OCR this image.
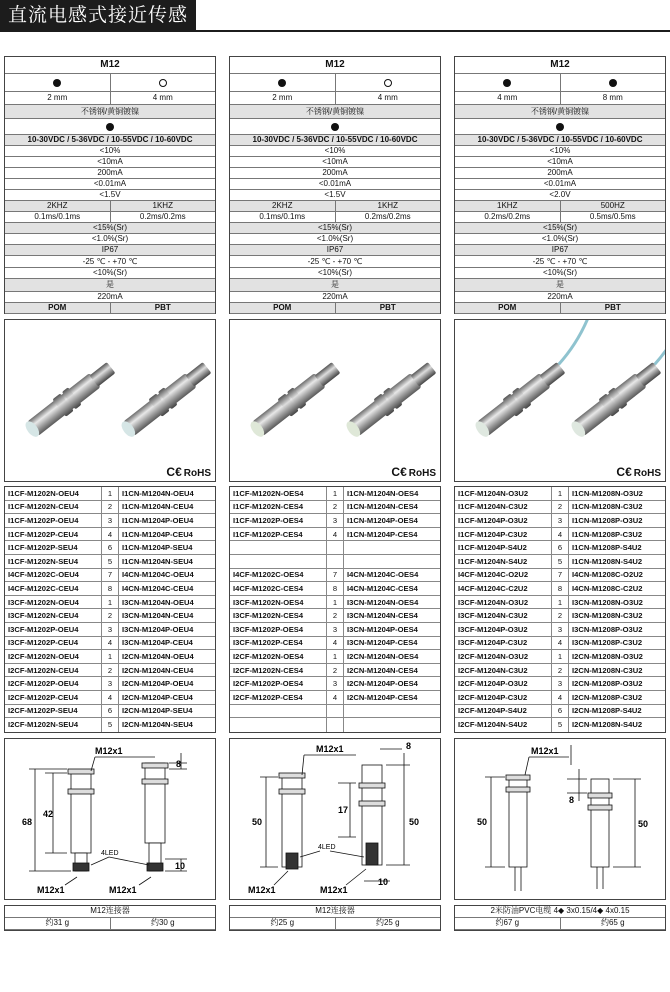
直流电感式接近传感器
M12
2 mm	4 mm
不锈钢/黄铜镀镍
10-30VDC / 5-36VDC / 10-55VDC / 10-60VDC
<10%
<10mA
200mA
<0.01mA
<1.5V
2KHZ	1KHZ
0.1ms/0.1ms	0.2ms/0.2ms
<15%(Sr)
<1.0%(Sr)
IP67
-25 ℃ - +70 ℃
<10%(Sr)
是
220mA
POM	PBT
C€ RoHS
I1CF-M1202N-OEU4	1	I1CN-M1204N-OEU4
I1CF-M1202N-CEU4	2	I1CN-M1204N-CEU4
I1CF-M1202P-OEU4	3	I1CN-M1204P-OEU4
I1CF-M1202P-CEU4	4	I1CN-M1204P-CEU4
I1CF-M1202P-SEU4	6	I1CN-M1204P-SEU4
I1CF-M1202N-SEU4	5	I1CN-M1204N-SEU4
I4CF-M1202C-OEU4	7	I4CN-M1204C-OEU4
I4CF-M1202C-CEU4	8	I4CN-M1204C-CEU4
I3CF-M1202N-OEU4	1	I3CN-M1204N-OEU4
I3CF-M1202N-CEU4	2	I3CN-M1204N-CEU4
I3CF-M1202P-OEU4	3	I3CN-M1204P-OEU4
I3CF-M1202P-CEU4	4	I3CN-M1204P-CEU4
I2CF-M1202N-OEU4	1	I2CN-M1204N-OEU4
I2CF-M1202N-CEU4	2	I2CN-M1204N-CEU4
I2CF-M1202P-OEU4	3	I2CN-M1204P-OEU4
I2CF-M1202P-CEU4	4	I2CN-M1204P-CEU4
I2CF-M1202P-SEU4	6	I2CN-M1204P-SEU4
I2CF-M1202N-SEU4	5	I2CN-M1204N-SEU4
M12x1
42
68
8
10
4LED
M12x1	M12x1
M12连接器
约31 g	约30 g
M12
2 mm	4 mm
不锈钢/黄铜镀镍
10-30VDC / 5-36VDC / 10-55VDC / 10-60VDC
<10%
<10mA
200mA
<0.01mA
<1.5V
2KHZ	1KHZ
0.1ms/0.1ms	0.2ms/0.2ms
<15%(Sr)
<1.0%(Sr)
IP67
-25 ℃ - +70 ℃
<10%(Sr)
是
220mA
POM	PBT
C€ RoHS
I1CF-M1202N-OES4	1	I1CN-M1204N-OES4
I1CF-M1202N-CES4	2	I1CN-M1204N-CES4
I1CF-M1202P-OES4	3	I1CN-M1204P-OES4
I1CF-M1202P-CES4	4	I1CN-M1204P-CES4
I4CF-M1202C-OES4	7	I4CN-M1204C-OES4
I4CF-M1202C-CES4	8	I4CN-M1204C-CES4
I3CF-M1202N-OES4	1	I3CN-M1204N-OES4
I3CF-M1202N-CES4	2	I3CN-M1204N-CES4
I3CF-M1202P-OES4	3	I3CN-M1204P-OES4
I3CF-M1202P-CES4	4	I3CN-M1204P-CES4
I2CF-M1202N-OES4	1	I2CN-M1204N-OES4
I2CF-M1202N-CES4	2	I2CN-M1204N-CES4
I2CF-M1202P-OES4	3	I2CN-M1204P-OES4
I2CF-M1202P-CES4	4	I2CN-M1204P-CES4
M12x1
50	50
8
17
10
4LED
M12x1	M12x1
M12连接器
约25 g	约25 g
M12
4 mm	8 mm
不锈钢/黄铜镀镍
10-30VDC / 5-36VDC / 10-55VDC / 10-60VDC
<10%
<10mA
200mA
<0.01mA
<2.0V
1KHZ	500HZ
0.2ms/0.2ms	0.5ms/0.5ms
<15%(Sr)
<1.0%(Sr)
IP67
-25 ℃ - +70 ℃
<10%(Sr)
是
220mA
POM	PBT
C€ RoHS
I1CF-M1204N-O3U2	1	I1CN-M1208N-O3U2
I1CF-M1204N-C3U2	2	I1CN-M1208N-C3U2
I1CF-M1204P-O3U2	3	I1CN-M1208P-O3U2
I1CF-M1204P-C3U2	4	I1CN-M1208P-C3U2
I1CF-M1204P-S4U2	6	I1CN-M1208P-S4U2
I1CF-M1204N-S4U2	5	I1CN-M1208N-S4U2
I4CF-M1204C-O2U2	7	I4CN-M1208C-O2U2
I4CF-M1204C-C2U2	8	I4CN-M1208C-C2U2
I3CF-M1204N-O3U2	1	I3CN-M1208N-O3U2
I3CF-M1204N-C3U2	2	I3CN-M1208N-C3U2
I3CF-M1204P-O3U2	3	I3CN-M1208P-O3U2
I3CF-M1204P-C3U2	4	I3CN-M1208P-C3U2
I2CF-M1204N-O3U2	1	I2CN-M1208N-O3U2
I2CF-M1204N-C3U2	2	I2CN-M1208N-C3U2
I2CF-M1204P-O3U2	3	I2CN-M1208P-O3U2
I2CF-M1204P-C3U2	4	I2CN-M1208P-C3U2
I2CF-M1204P-S4U2	6	I2CN-M1208P-S4U2
I2CF-M1204N-S4U2	5	I2CN-M1208N-S4U2
M12x1
50	50
8
2米防油PVC电缆 4◆ 3x0.15/4◆ 4x0.15
约67 g	约65 g
